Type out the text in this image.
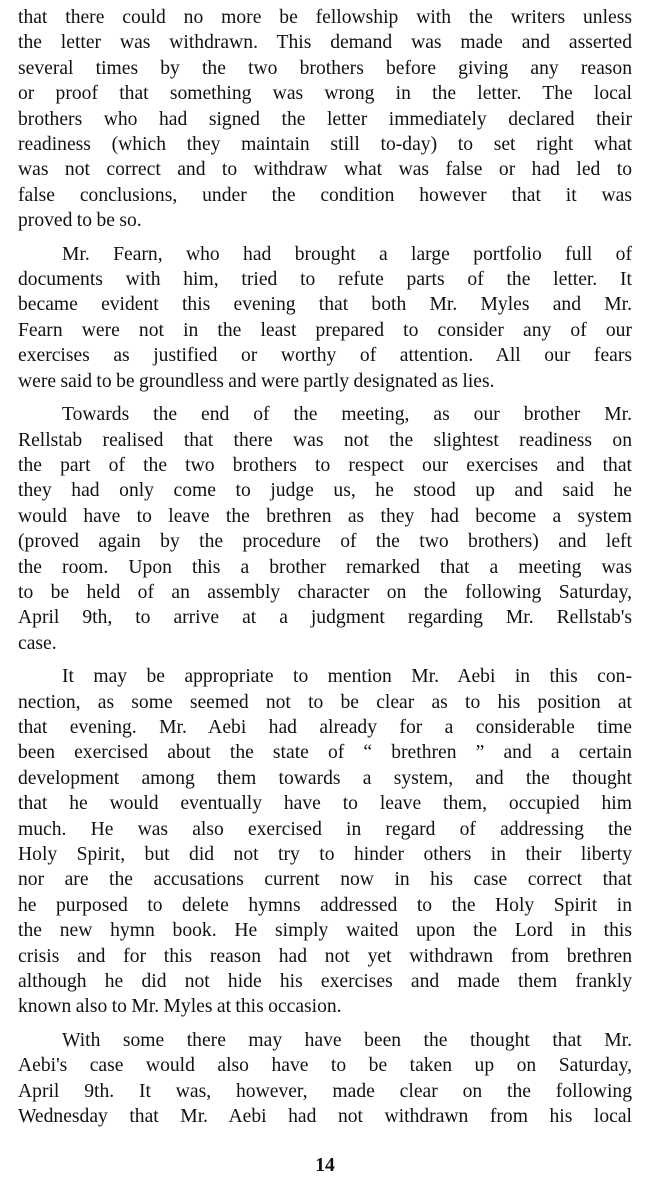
that there could no more be fellowship with the writers unless
the letter was withdrawn. This demand was made and asserted
several times by the two brothers before giving any reason
or proof that something was wrong in the letter. The local
brothers who had signed the letter immediately declared their
readiness (which they maintain still to-day) to set right what
was not correct and to withdraw what was false or had led to
false conclusions, under the condition however that it was
proved to be so.
Mr. Fearn, who had brought a large portfolio full of
documents with him, tried to refute parts of the letter. It
became evident this evening that both Mr. Myles and Mr.
Fearn were not in the least prepared to consider any of our
exercises as justified or worthy of attention. All our fears
were said to be groundless and were partly designated as lies.
Towards the end of the meeting, as our brother Mr.
Rellstab realised that there was not the slightest readiness on
the part of the two brothers to respect our exercises and that
they had only come to judge us, he stood up and said he
would have to leave the brethren as they had become a system
(proved again by the procedure of the two brothers) and left
the room. Upon this a brother remarked that a meeting was
to be held of an assembly character on the following Saturday,
April 9th, to arrive at a judgment regarding Mr. Rellstab's
case.
It may be appropriate to mention Mr. Aebi in this con-
nection, as some seemed not to be clear as to his position at
that evening. Mr. Aebi had already for a considerable time
been exercised about the state of “ brethren ” and a certain
development among them towards a system, and the thought
that he would eventually have to leave them, occupied him
much. He was also exercised in regard of addressing the
Holy Spirit, but did not try to hinder others in their liberty
nor are the accusations current now in his case correct that
he purposed to delete hymns addressed to the Holy Spirit in
the new hymn book. He simply waited upon the Lord in this
crisis and for this reason had not yet withdrawn from brethren
although he did not hide his exercises and made them frankly
known also to Mr. Myles at this occasion.
With some there may have been the thought that Mr.
Aebi's case would also have to be taken up on Saturday,
April 9th. It was, however, made clear on the following
Wednesday that Mr. Aebi had not withdrawn from his local
14
